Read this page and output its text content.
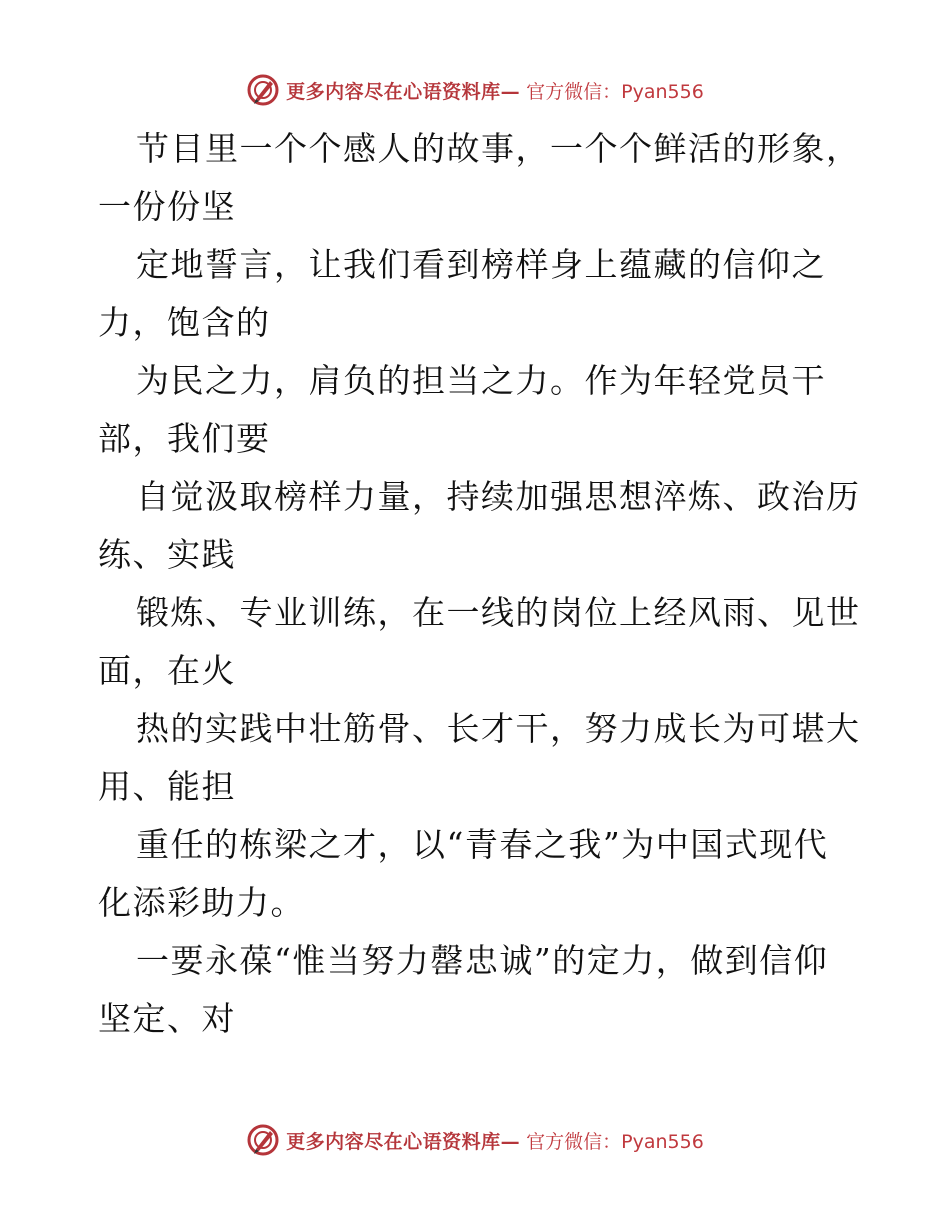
更多内容尽在心语资料库— 官方微信：Pyan556
节目里一个个感人的故事，一个个鲜活的形象，
一份份坚
定地誓言，让我们看到榜样身上蕴藏的信仰之
力，饱含的
为民之力，肩负的担当之力。作为年轻党员干
部，我们要
自觉汲取榜样力量，持续加强思想淬炼、政治历
练、实践
锻炼、专业训练，在一线的岗位上经风雨、见世
面，在火
热的实践中壮筋骨、长才干，努力成长为可堪大
用、能担
重任的栋梁之才，以“青春之我”为中国式现代
化添彩助力。
一要永葆“惟当努力罄忠诚”的定力，做到信仰
坚定、对
更多内容尽在心语资料库— 官方微信：Pyan556
